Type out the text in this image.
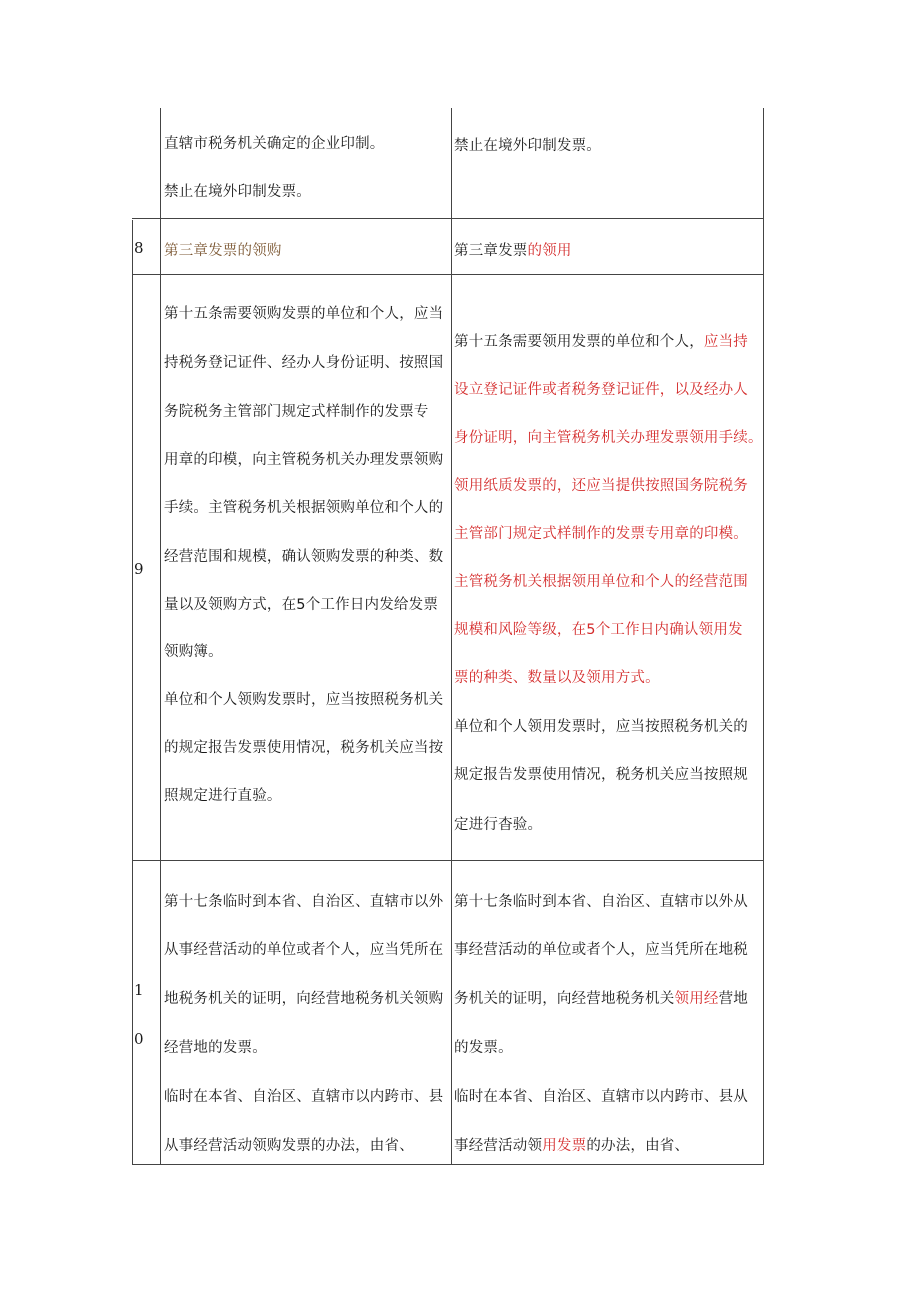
直辖市税务机关确定的企业印制。
禁止在境外印制发票。
禁止在境外印制发票。
8 第三章发票的领购	第三章发票的领用
9
第十五条需要领购发票的单位和个人，应当
持税务登记证件、经办人身份证明、按照国
务院税务主管部门规定式样制作的发票专
用章的印模，向主管税务机关办理发票领购
手续。主管税务机关根据领购单位和个人的
经营范围和规模，确认领购发票的种类、数
量以及领购方式，在5个工作日内发给发票
领购簿。
单位和个人领购发票时，应当按照税务机关
的规定报告发票使用情况，税务机关应当按
照规定进行直验。
第十五条需要领用发票的单位和个人，应当持
设立登记证件或者税务登记证件，以及经办人
身份证明，向主管税务机关办理发票领用手续。
领用纸质发票的，还应当提供按照国务院税务
主管部门规定式样制作的发票专用章的印模。
主管税务机关根据领用单位和个人的经营范围
规模和风险等级，在5个工作日内确认领用发
票的种类、数量以及领用方式。
单位和个人领用发票时，应当按照税务机关的
规定报告发票使用情况，税务机关应当按照规
定进行杳验。
1
0
第十七条临时到本省、自治区、直辖市以外
从事经营活动的单位或者个人，应当凭所在
地税务机关的证明，向经营地税务机关领购
经营地的发票。
临时在本省、自治区、直辖市以内跨市、县
从事经营活动领购发票的办法，由省、
第十七条临时到本省、自治区、直辖市以外从
事经营活动的单位或者个人，应当凭所在地税
务机关的证明，向经营地税务机关领用经营地
的发票。
临时在本省、自治区、直辖市以内跨市、县从
事经营活动领用发票的办法，由省、
